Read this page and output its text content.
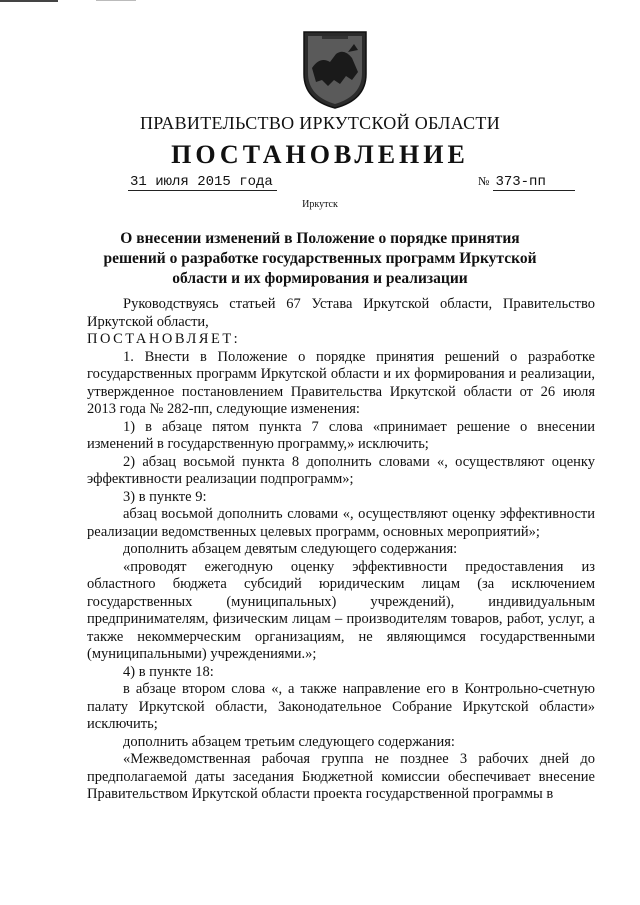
ПРАВИТЕЛЬСТВО ИРКУТСКОЙ ОБЛАСТИ
ПОСТАНОВЛЕНИЕ
31 июля 2015 года	№ 373-пп
Иркутск
О внесении изменений в Положение о порядке принятия решений о разработке государственных программ Иркутской области и их формирования и реализации

Руководствуясь статьей 67 Устава Иркутской области, Правительство Иркутской области,

ПОСТАНОВЛЯЕТ:

1. Внести в Положение о порядке принятия решений о разработке государственных программ Иркутской области и их формирования и реализации, утвержденное постановлением Правительства Иркутской области от 26 июля 2013 года № 282-пп, следующие изменения:

1) в абзаце пятом пункта 7 слова «принимает решение о внесении изменений в государственную программу,» исключить;

2) абзац восьмой пункта 8 дополнить словами «, осуществляют оценку эффективности реализации подпрограмм»;

3) в пункте 9:

абзац восьмой дополнить словами «, осуществляют оценку эффективности реализации ведомственных целевых программ, основных мероприятий»;

дополнить абзацем девятым следующего содержания:

«проводят ежегодную оценку эффективности предоставления из областного бюджета субсидий юридическим лицам (за исключением государственных (муниципальных) учреждений), индивидуальным предпринимателям, физическим лицам – производителям товаров, работ, услуг, а также некоммерческим организациям, не являющимся государственными (муниципальными) учреждениями.»;

4) в пункте 18:

в абзаце втором слова «, а также направление его в Контрольно-счетную палату Иркутской области, Законодательное Собрание Иркутской области» исключить;

дополнить абзацем третьим следующего содержания:

«Межведомственная рабочая группа не позднее 3 рабочих дней до предполагаемой даты заседания Бюджетной комиссии обеспечивает внесение Правительством Иркутской области проекта государственной программы в
